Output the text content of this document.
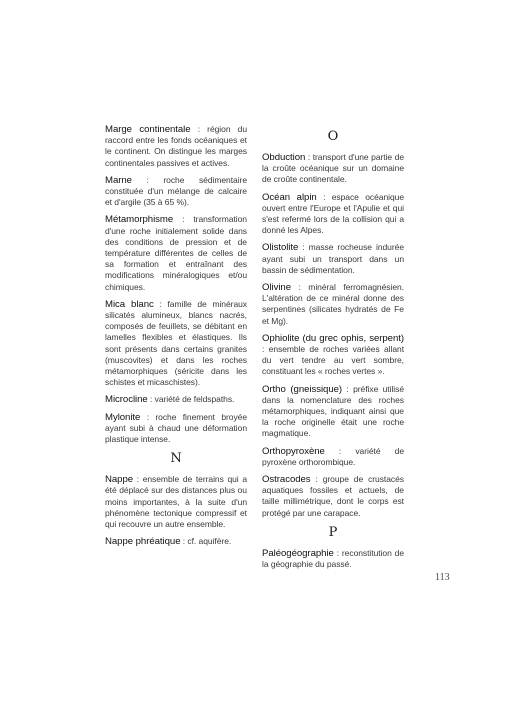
Marge continentale : région du raccord entre les fonds océaniques et le continent. On distingue les marges continentales passives et actives.

Marne : roche sédimentaire constituée d'un mélange de calcaire et d'argile (35 à 65 %).

Métamorphisme : transformation d'une roche initialement solide dans des conditions de pression et de température différentes de celles de sa formation et entraînant des modifications minéralogiques et/ou chimiques.

Mica blanc : famille de minéraux silicatés alumineux, blancs nacrés, composés de feuillets, se débitant en lamelles flexibles et élastiques. Ils sont présents dans certains granites (muscovites) et dans les roches métamorphiques (séricite dans les schistes et micaschistes).

Microcline : variété de feldspaths.

Mylonite : roche finement broyée ayant subi à chaud une déformation plastique intense.

N

Nappe : ensemble de terrains qui a été déplacé sur des distances plus ou moins importantes, à la suite d'un phénomène tectonique compressif et qui recouvre un autre ensemble.

Nappe phréatique : cf. aquifère.

O

Obduction : transport d'une partie de la croûte océanique sur un domaine de croûte continentale.

Océan alpin : espace océanique ouvert entre l'Europe et l'Apulie et qui s'est refermé lors de la collision qui a donné les Alpes.

Olistolite : masse rocheuse indurée ayant subi un transport dans un bassin de sédimentation.

Olivine : minéral ferromagnésien. L'altération de ce minéral donne des serpentines (silicates hydratés de Fe et Mg).

Ophiolite (du grec ophis, serpent) : ensemble de roches variées allant du vert tendre au vert sombre, constituant les « roches vertes ».

Ortho (gneissique) : préfixe utilisé dans la nomenclature des roches métamorphiques, indiquant ainsi que la roche originelle était une roche magmatique.

Orthopyroxène : variété de pyroxène orthorombique.

Ostracodes : groupe de crustacés aquatiques fossiles et actuels, de taille millimétrique, dont le corps est protégé par une carapace.

P

Paléogéographie : reconstitution de la géographie du passé.

113
